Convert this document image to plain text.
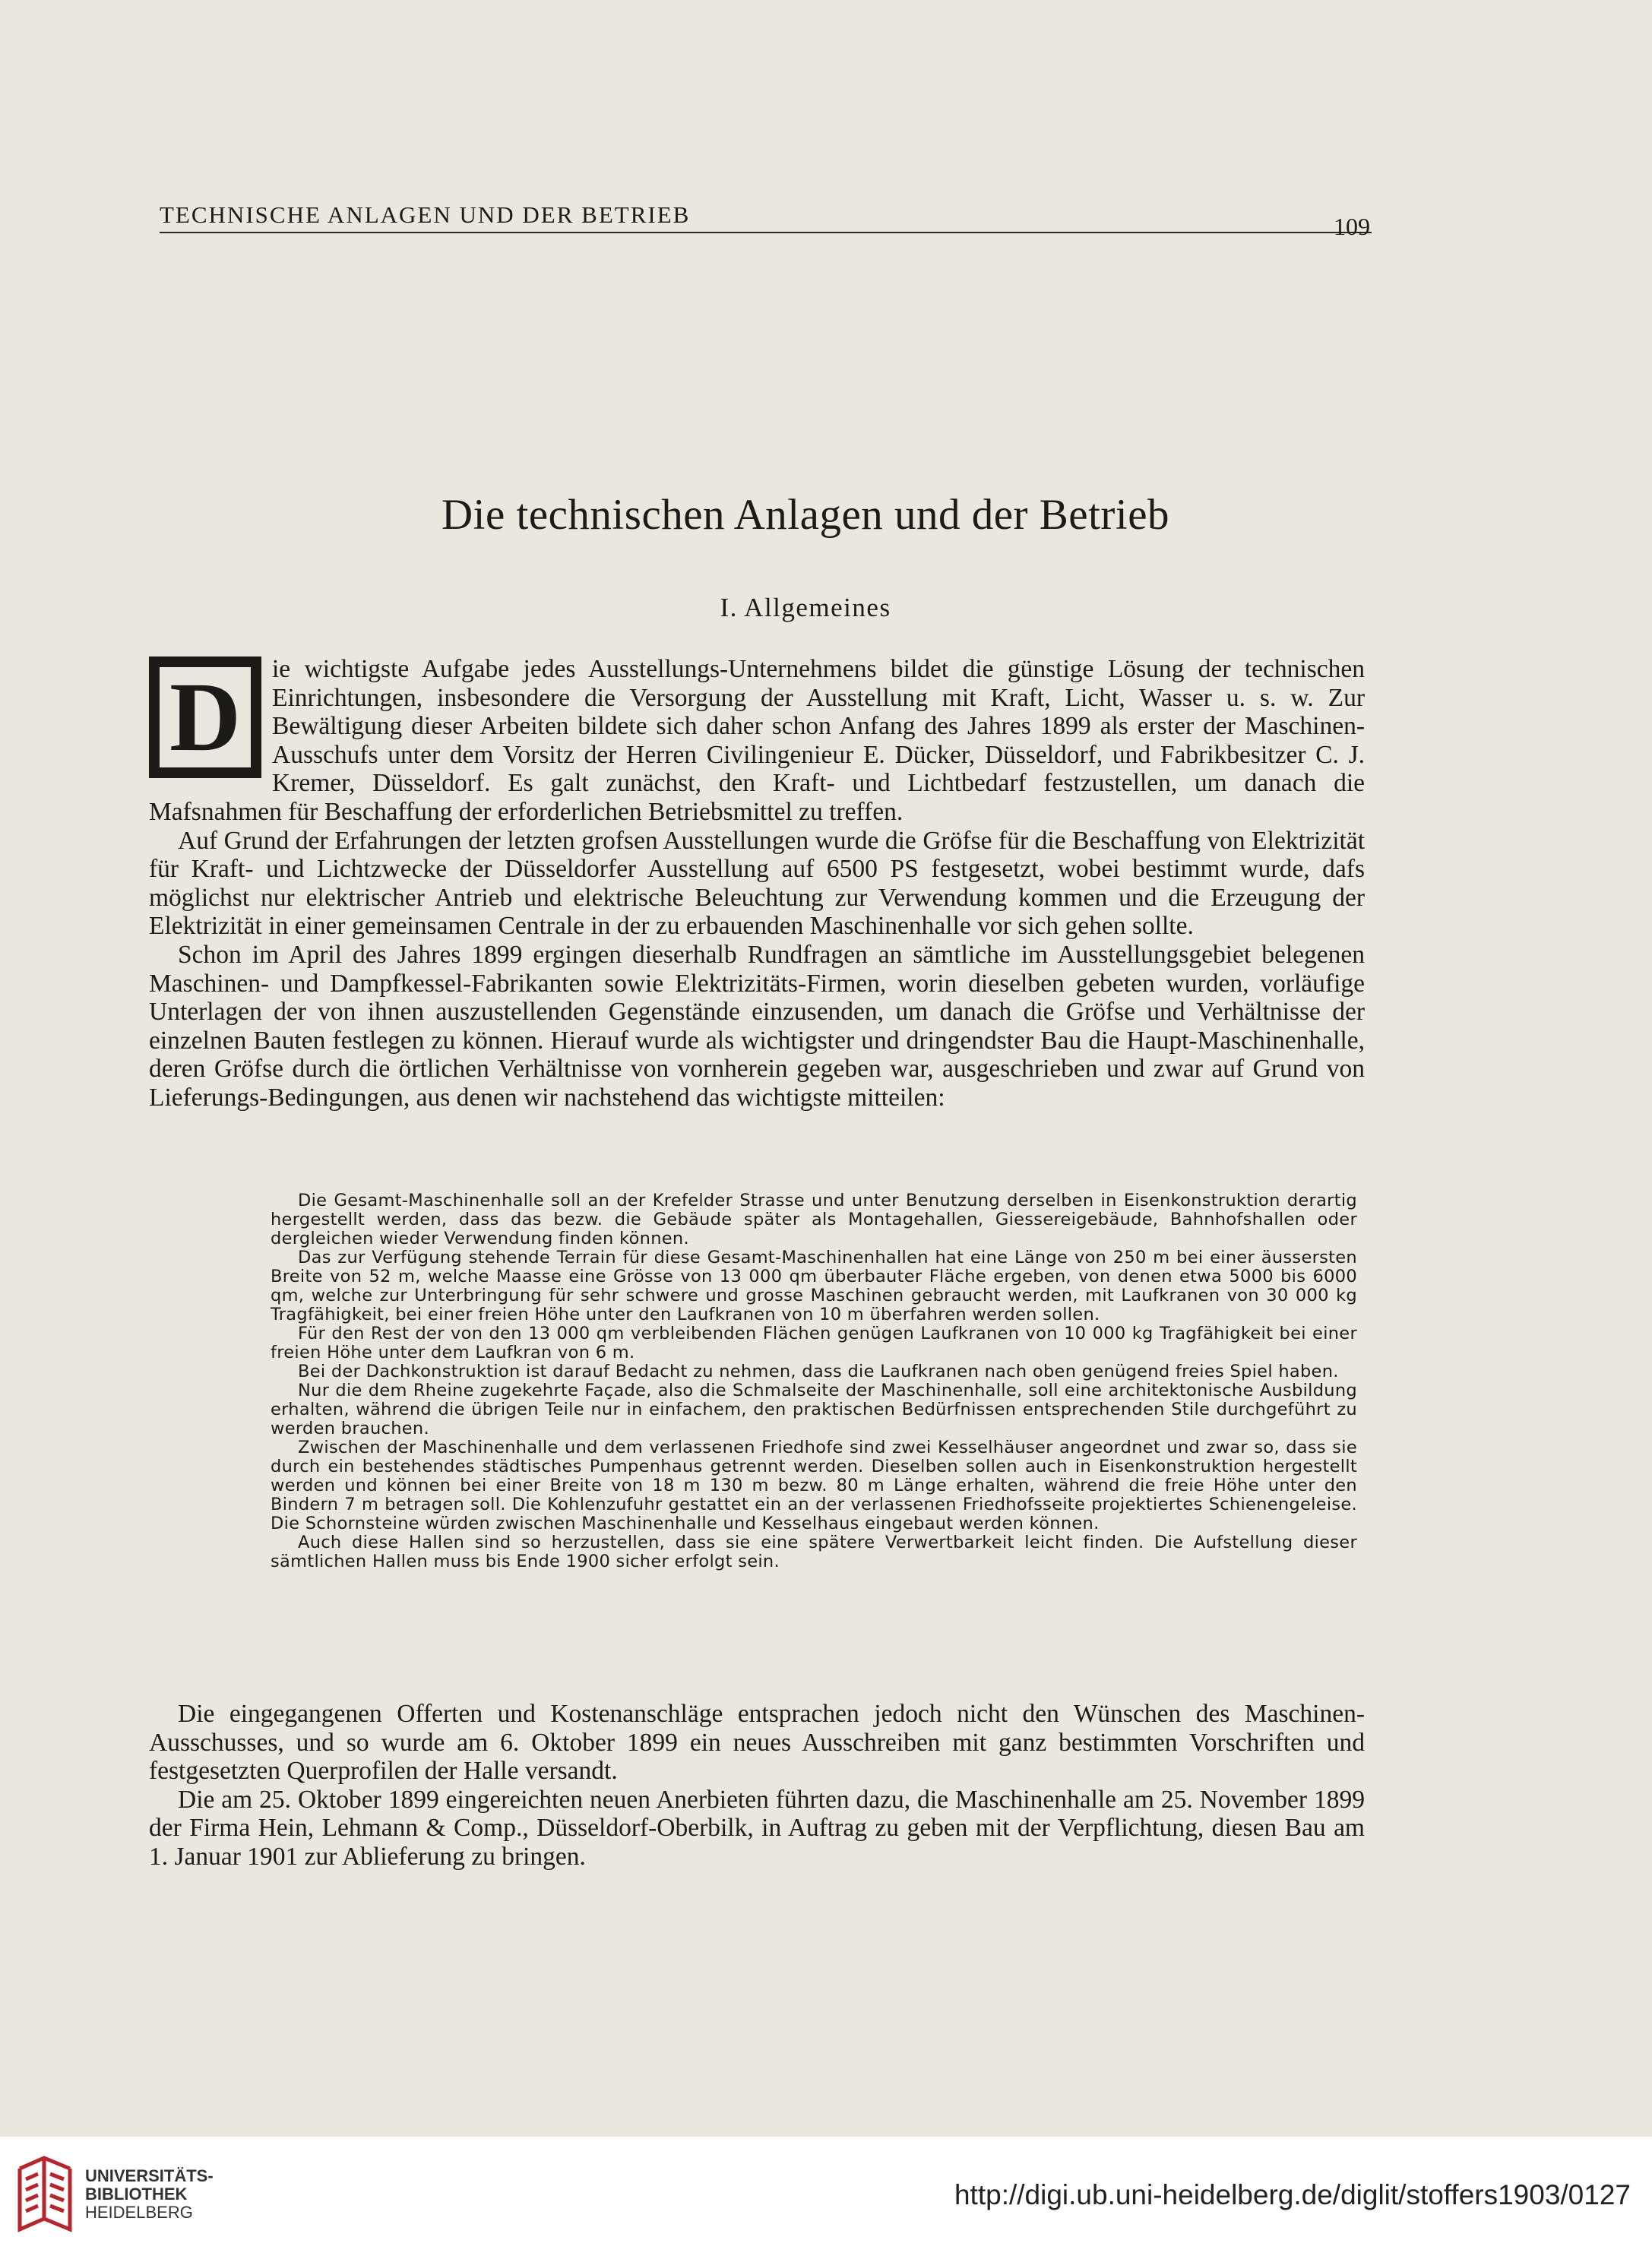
TECHNISCHE ANLAGEN UND DER BETRIEB	109
Die technischen Anlagen und der Betrieb
I. Allgemeines

D ie wichtigste Aufgabe jedes Ausstellungs-Unternehmens bildet die günstige Lösung der technischen Einrichtungen, insbesondere die Versorgung der Ausstellung mit Kraft, Licht, Wasser u. s. w. Zur Bewältigung dieser Arbeiten bildete sich daher schon Anfang des Jahres 1899 als erster der Maschinen-Ausschufs unter dem Vorsitz der Herren Civilingenieur E. Dücker, Düsseldorf, und Fabrikbesitzer C. J. Kremer, Düsseldorf. Es galt zunächst, den Kraft- und Lichtbedarf festzustellen, um danach die Mafsnahmen für Beschaffung der erforderlichen Betriebsmittel zu treffen.

Auf Grund der Erfahrungen der letzten grofsen Ausstellungen wurde die Gröfse für die Beschaffung von Elektrizität für Kraft- und Lichtzwecke der Düsseldorfer Ausstellung auf 6500 PS festgesetzt, wobei bestimmt wurde, dafs möglichst nur elektrischer Antrieb und elektrische Beleuchtung zur Verwendung kommen und die Erzeugung der Elektrizität in einer gemeinsamen Centrale in der zu erbauenden Maschinenhalle vor sich gehen sollte.

Schon im April des Jahres 1899 ergingen dieserhalb Rundfragen an sämtliche im Ausstellungsgebiet belegenen Maschinen- und Dampfkessel-Fabrikanten sowie Elektrizitäts-Firmen, worin dieselben gebeten wurden, vorläufige Unterlagen der von ihnen auszustellenden Gegenstände einzusenden, um danach die Gröfse und Verhältnisse der einzelnen Bauten festlegen zu können. Hierauf wurde als wichtigster und dringendster Bau die Haupt-Maschinenhalle, deren Gröfse durch die örtlichen Verhältnisse von vornherein gegeben war, ausgeschrieben und zwar auf Grund von Lieferungs-Bedingungen, aus denen wir nachstehend das wichtigste mitteilen:

Die Gesamt-Maschinenhalle soll an der Krefelder Strasse und unter Benutzung derselben in Eisenkonstruktion derartig hergestellt werden, dass das bezw. die Gebäude später als Montagehallen, Giessereigebäude, Bahnhofshallen oder dergleichen wieder Verwendung finden können.

Das zur Verfügung stehende Terrain für diese Gesamt-Maschinenhallen hat eine Länge von 250 m bei einer äussersten Breite von 52 m, welche Maasse eine Grösse von 13 000 qm überbauter Fläche ergeben, von denen etwa 5000 bis 6000 qm, welche zur Unterbringung für sehr schwere und grosse Maschinen gebraucht werden, mit Laufkranen von 30 000 kg Tragfähigkeit, bei einer freien Höhe unter den Laufkranen von 10 m überfahren werden sollen.

Für den Rest der von den 13 000 qm verbleibenden Flächen genügen Laufkranen von 10 000 kg Tragfähigkeit bei einer freien Höhe unter dem Laufkran von 6 m.

Bei der Dachkonstruktion ist darauf Bedacht zu nehmen, dass die Laufkranen nach oben genügend freies Spiel haben.

Nur die dem Rheine zugekehrte Façade, also die Schmalseite der Maschinenhalle, soll eine architektonische Ausbildung erhalten, während die übrigen Teile nur in einfachem, den praktischen Bedürfnissen entsprechenden Stile durchgeführt zu werden brauchen.

Zwischen der Maschinenhalle und dem verlassenen Friedhofe sind zwei Kesselhäuser angeordnet und zwar so, dass sie durch ein bestehendes städtisches Pumpenhaus getrennt werden. Dieselben sollen auch in Eisenkonstruktion hergestellt werden und können bei einer Breite von 18 m 130 m bezw. 80 m Länge erhalten, während die freie Höhe unter den Bindern 7 m betragen soll. Die Kohlenzufuhr gestattet ein an der verlassenen Friedhofsseite projektiertes Schienengeleise. Die Schornsteine würden zwischen Maschinenhalle und Kesselhaus eingebaut werden können.

Auch diese Hallen sind so herzustellen, dass sie eine spätere Verwertbarkeit leicht finden. Die Aufstellung dieser sämtlichen Hallen muss bis Ende 1900 sicher erfolgt sein.

Die eingegangenen Offerten und Kostenanschläge entsprachen jedoch nicht den Wünschen des Maschinen-Ausschusses, und so wurde am 6. Oktober 1899 ein neues Ausschreiben mit ganz bestimmten Vorschriften und festgesetzten Querprofilen der Halle versandt.

Die am 25. Oktober 1899 eingereichten neuen Anerbieten führten dazu, die Maschinenhalle am 25. November 1899 der Firma Hein, Lehmann & Comp., Düsseldorf-Oberbilk, in Auftrag zu geben mit der Verpflichtung, diesen Bau am 1. Januar 1901 zur Ablieferung zu bringen.

UNIVERSITÄTS-
BIBLIOTHEK
HEIDELBERG
http://digi.ub.uni-heidelberg.de/diglit/stoffers1903/0127
